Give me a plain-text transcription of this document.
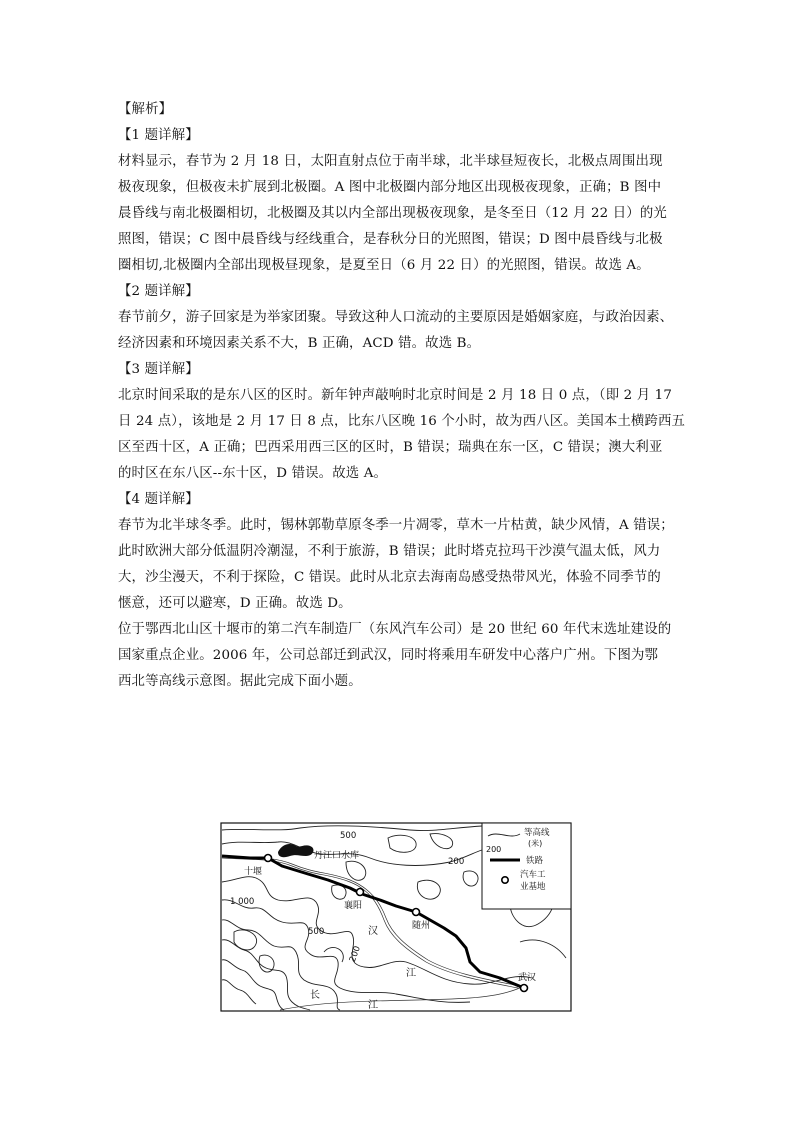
【解析】
【1 题详解】
材料显示，春节为 2 月 18 日，太阳直射点位于南半球，北半球昼短夜长，北极点周围出现
极夜现象，但极夜未扩展到北极圈。A 图中北极圈内部分地区出现极夜现象，正确；B 图中
晨昏线与南北极圈相切，北极圈及其以内全部出现极夜现象，是冬至日（12 月 22 日）的光
照图，错误；C 图中晨昏线与经线重合，是春秋分日的光照图，错误；D 图中晨昏线与北极
圈相切,北极圈内全部出现极昼现象，是夏至日（6 月 22 日）的光照图，错误。故选 A。
【2 题详解】
春节前夕，游子回家是为举家团聚。导致这种人口流动的主要原因是婚姻家庭，与政治因素、
经济因素和环境因素关系不大，B 正确，ACD 错。故选 B。
【3 题详解】
北京时间采取的是东八区的区时。新年钟声敲响时北京时间是 2 月 18 日 0 点，（即 2 月 17
日 24 点），该地是 2 月 17 日 8 点，比东八区晚 16 个小时，故为西八区。美国本土横跨西五
区至西十区，A 正确；巴西采用西三区的区时，B 错误；瑞典在东一区，C 错误；澳大利亚
的时区在东八区--东十区，D 错误。故选 A。
【4 题详解】
春节为北半球冬季。此时，锡林郭勒草原冬季一片凋零，草木一片枯黄，缺少风情，A 错误；
此时欧洲大部分低温阴冷潮湿，不利于旅游，B 错误；此时塔克拉玛干沙漠气温太低，风力
大，沙尘漫天，不利于探险，C 错误。此时从北京去海南岛感受热带风光，体验不同季节的
惬意，还可以避寒，D 正确。故选 D。
位于鄂西北山区十堰市的第二汽车制造厂（东风汽车公司）是 20 世纪 60 年代末选址建设的
国家重点企业。2006 年，公司总部迁到武汉，同时将乘用车研发中心落户广州。下图为鄂
西北等高线示意图。据此完成下面小题。
十堰
丹江口水库
襄阳
随州
武汉
汉
江
长
江
500
200
1 000
500
200
等高线
(米)
200
铁路
汽车工
业基地
